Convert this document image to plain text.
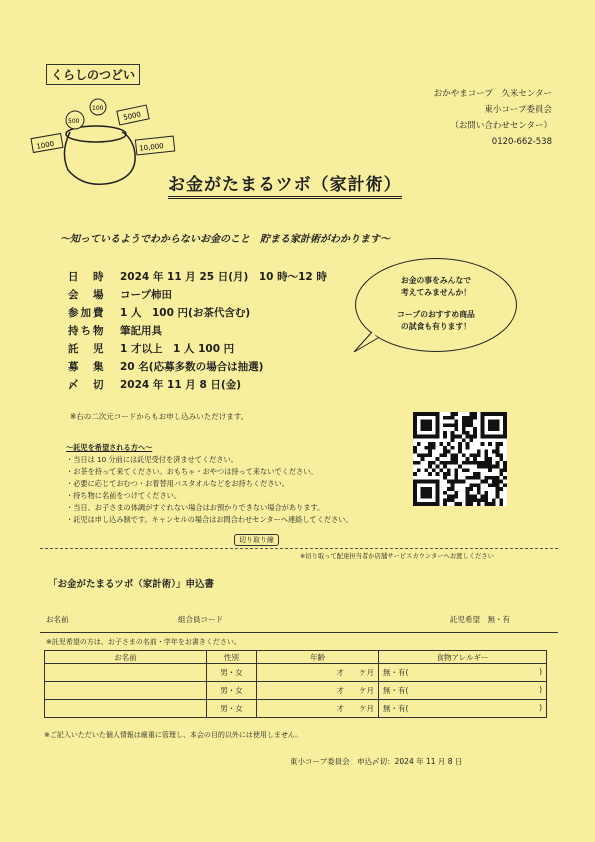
くらしのつどい
1000
500
100
5000
10,000
おかやまコープ　久米センター
東小コープ委員会
（お問い合わせセンター）
0120-662-538
お金がたまるツボ（家計術）
～知っているようでわからないお金のこと　貯まる家計術がわかります～
日　時 2024 年 11 月 25 日(月)　10 時～12 時
会　場 コープ柿田
参加費 1 人　100 円(お茶代含む)
持ち物 筆記用具
託　児 1 才以上　1 人 100 円
募　集 20 名(応募多数の場合は抽選)
〆　切 2024 年 11 月 8 日(金)

お金の事をみんなで

考えてみませんか！

コープのおすすめ商品

の試食も有ります！

※右の二次元コードからもお申し込みいただけます。
～託児を希望される方へ～
・当日は 10 分前には託児受付を済ませてください。
・お茶を持って来てください。おもちゃ・おやつは持って来ないでください。
・必要に応じておむつ・お着替用バスタオルなどをお持ちください。
・持ち物に名前をつけてください。
・当日、お子さまの体調がすぐれない場合はお預かりできない場合があります。
・託児は申し込み制です。キャンセルの場合はお問合わせセンターへ連絡してください。
切り取り線
※切り取って配達担当者か店舗サービスカウンターへお渡しください
「お金がたまるツボ（家計術）」申込書
お名前	組合員コード	託児希望　無・有
※託児希望の方は、お子さまの名前・学年をお書きください。
お名前	性別	年齢	食物アレルギー
	男・女	才　　ケ月	無・有( )

	男・女	才　　ケ月	無・有( )

	男・女	才　　ケ月	無・有( )
※ご記入いただいた個人情報は厳重に管理し、本会の目的以外には使用しません。
東小コープ委員会　申込〆切：2024 年 11 月 8 日
